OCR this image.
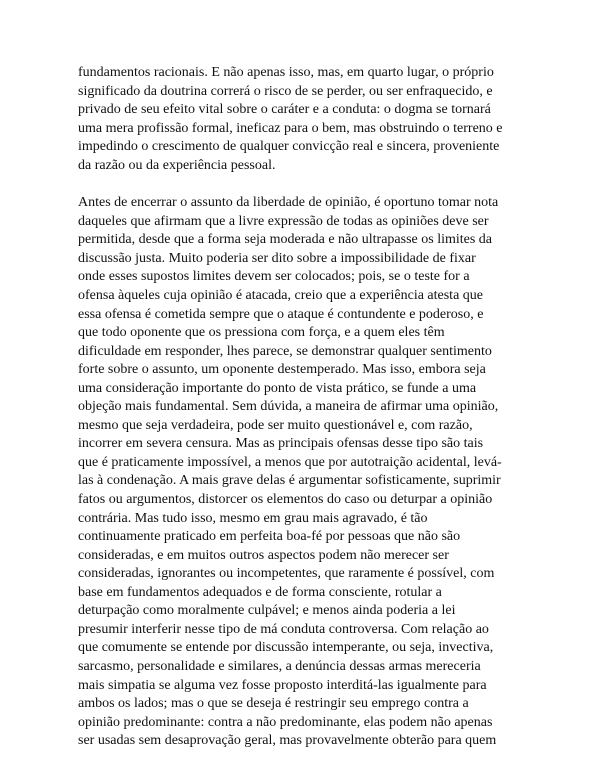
fundamentos racionais. E não apenas isso, mas, em quarto lugar, o próprio
significado da doutrina correrá o risco de se perder, ou ser enfraquecido, e
privado de seu efeito vital sobre o caráter e a conduta: o dogma se tornará
uma mera profissão formal, ineficaz para o bem, mas obstruindo o terreno e
impedindo o crescimento de qualquer convicção real e sincera, proveniente
da razão ou da experiência pessoal.

Antes de encerrar o assunto da liberdade de opinião, é oportuno tomar nota
daqueles que afirmam que a livre expressão de todas as opiniões deve ser
permitida, desde que a forma seja moderada e não ultrapasse os limites da
discussão justa. Muito poderia ser dito sobre a impossibilidade de fixar
onde esses supostos limites devem ser colocados; pois, se o teste for a
ofensa àqueles cuja opinião é atacada, creio que a experiência atesta que
essa ofensa é cometida sempre que o ataque é contundente e poderoso, e
que todo oponente que os pressiona com força, e a quem eles têm
dificuldade em responder, lhes parece, se demonstrar qualquer sentimento
forte sobre o assunto, um oponente destemperado. Mas isso, embora seja
uma consideração importante do ponto de vista prático, se funde a uma
objeção mais fundamental. Sem dúvida, a maneira de afirmar uma opinião,
mesmo que seja verdadeira, pode ser muito questionável e, com razão,
incorrer em severa censura. Mas as principais ofensas desse tipo são tais
que é praticamente impossível, a menos que por autotraição acidental, levá-
las à condenação. A mais grave delas é argumentar sofisticamente, suprimir
fatos ou argumentos, distorcer os elementos do caso ou deturpar a opinião
contrária. Mas tudo isso, mesmo em grau mais agravado, é tão
continuamente praticado em perfeita boa-fé por pessoas que não são
consideradas, e em muitos outros aspectos podem não merecer ser
consideradas, ignorantes ou incompetentes, que raramente é possível, com
base em fundamentos adequados e de forma consciente, rotular a
deturpação como moralmente culpável; e menos ainda poderia a lei
presumir interferir nesse tipo de má conduta controversa. Com relação ao
que comumente se entende por discussão intemperante, ou seja, invectiva,
sarcasmo, personalidade e similares, a denúncia dessas armas mereceria
mais simpatia se alguma vez fosse proposto interditá-las igualmente para
ambos os lados; mas o que se deseja é restringir seu emprego contra a
opinião predominante: contra a não predominante, elas podem não apenas
ser usadas sem desaprovação geral, mas provavelmente obterão para quem
